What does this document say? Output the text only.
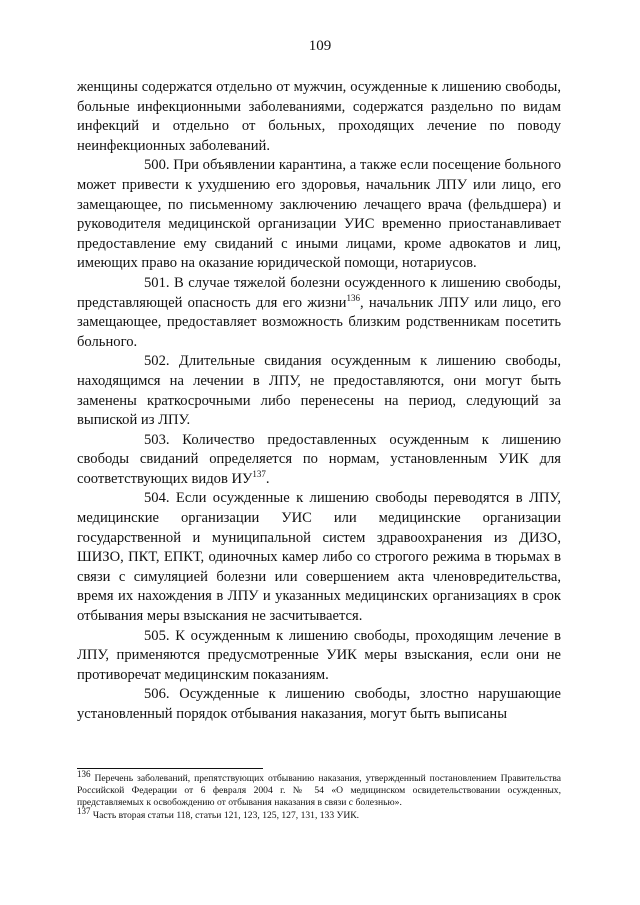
109

женщины содержатся отдельно от мужчин, осужденные к лишению свободы, больные инфекционными заболеваниями, содержатся раздельно по видам инфекций и отдельно от больных, проходящих лечение по поводу неинфекционных заболеваний.

500. При объявлении карантина, а также если посещение больного может привести к ухудшению его здоровья, начальник ЛПУ или лицо, его замещающее, по письменному заключению лечащего врача (фельдшера) и руководителя медицинской организации УИС временно приостанавливает предоставление ему свиданий с иными лицами, кроме адвокатов и лиц, имеющих право на оказание юридической помощи, нотариусов.

501. В случае тяжелой болезни осужденного к лишению свободы, представляющей опасность для его жизни$^{136}$, начальник ЛПУ или лицо, его замещающее, предоставляет возможность близким родственникам посетить больного.

502. Длительные свидания осужденным к лишению свободы, находящимся на лечении в ЛПУ, не предоставляются, они могут быть заменены краткосрочными либо перенесены на период, следующий за выпиской из ЛПУ.

503. Количество предоставленных осужденным к лишению свободы свиданий определяется по нормам, установленным УИК для соответствующих видов ИУ$^{137}$.

504. Если осужденные к лишению свободы переводятся в ЛПУ, медицинские организации УИС или медицинские организации государственной и муниципальной систем здравоохранения из ДИЗО, ШИЗО, ПКТ, ЕПКТ, одиночных камер либо со строгого режима в тюрьмах в связи с симуляцией болезни или совершением акта членовредительства, время их нахождения в ЛПУ и указанных медицинских организациях в срок отбывания меры взыскания не засчитывается.

505. К осужденным к лишению свободы, проходящим лечение в ЛПУ, применяются предусмотренные УИК меры взыскания, если они не противоречат медицинским показаниям.

506. Осужденные к лишению свободы, злостно нарушающие установленный порядок отбывания наказания, могут быть выписаны

$^{136}$ Перечень заболеваний, препятствующих отбыванию наказания, утвержденный постановлением Правительства Российской Федерации от 6 февраля 2004 г. № 54 «О медицинском освидетельствовании осужденных, представляемых к освобождению от отбывания наказания в связи с болезнью».

$^{137}$ Часть вторая статьи 118, статьи 121, 123, 125, 127, 131, 133 УИК.
